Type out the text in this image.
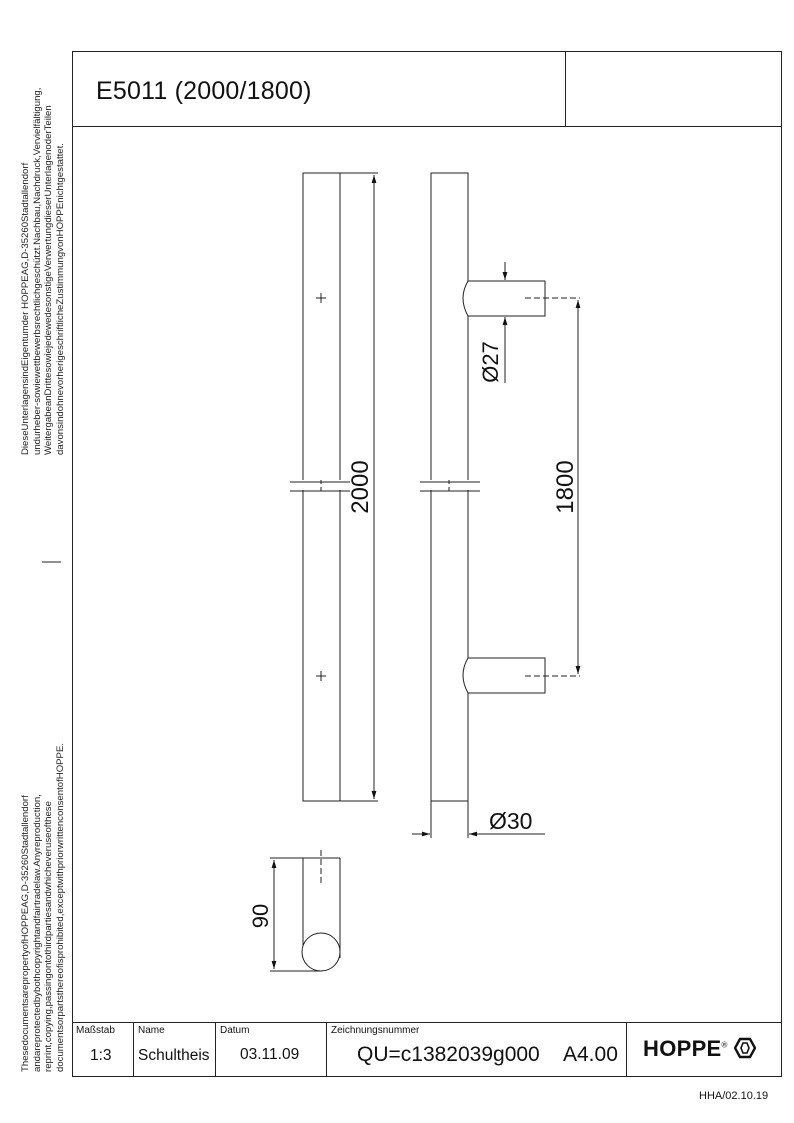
E5011 (2000/1800)
DieseUnterlagensindEigentumder HOPPEAG,D-35260Stadtallendorf undurheber-sowiewettbewerbsrechtlichgeschützt.Nachbau,Nachdruck,Vervielfältigung, WeitergabeanDrittesowiejedewedesonstigeVerwertungdieserUnterlagenoderTeilen davonsindohnevorherigeschriftlicheZustimmungvonHOPPEnichtgestattet.
ThesedocumentsarepropertyofHOPPEAG,D-35260Stadtallendorf andareprotectedbybothcopyrightandfairtradelaw.Anyreproduction, reprint,copying,passingontothirdpartiesandwhicheveruseofthese documentsorpartsthereofisprohibited,exceptwithpriorwrittenconsentofHOPPE.
2000	1800
Ø27
Ø30
90
Maßstab
1:3
Name
Schultheis
Datum
03.11.09
Zeichnungsnummer
QU=c1382039g000 A4.00 HOPPE®
HHA/02.10.19
